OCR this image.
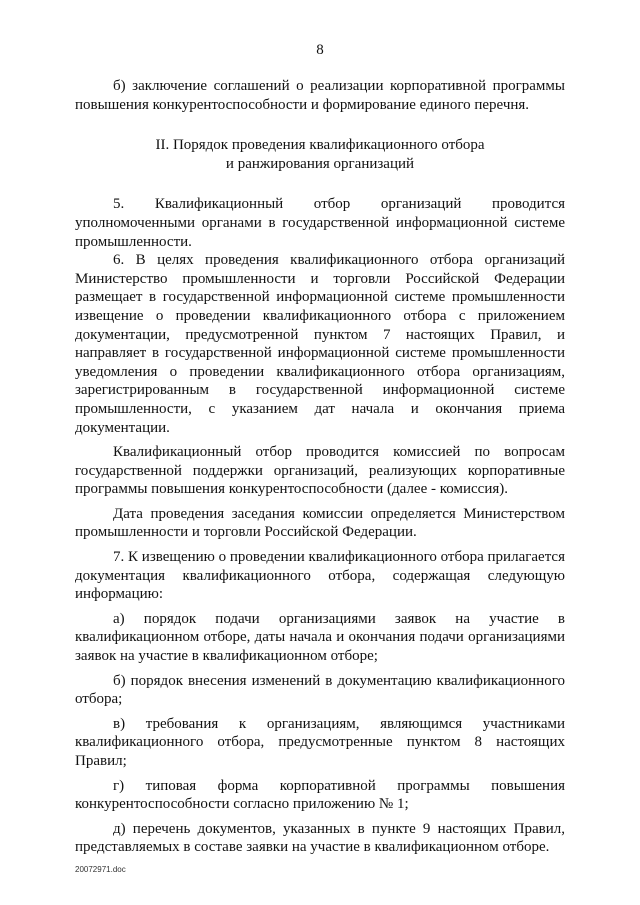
8

б) заключение соглашений о реализации корпоративной программы повышения конкурентоспособности и формирование единого перечня.

II. Порядок проведения квалификационного отбора
и ранжирования организаций

5. Квалификационный отбор организаций проводится уполномоченными органами в государственной информационной системе промышленности.

6. В целях проведения квалификационного отбора организаций Министерство промышленности и торговли Российской Федерации размещает в государственной информационной системе промышленности извещение о проведении квалификационного отбора с приложением документации, предусмотренной пунктом 7 настоящих Правил, и направляет в государственной информационной системе промышленности уведомления о проведении квалификационного отбора организациям, зарегистрированным в государственной информационной системе промышленности, с указанием дат начала и окончания приема документации.

Квалификационный отбор проводится комиссией по вопросам государственной поддержки организаций, реализующих корпоративные программы повышения конкурентоспособности (далее - комиссия).

Дата проведения заседания комиссии определяется Министерством промышленности и торговли Российской Федерации.

7. К извещению о проведении квалификационного отбора прилагается документация квалификационного отбора, содержащая следующую информацию:

а) порядок подачи организациями заявок на участие в квалификационном отборе, даты начала и окончания подачи организациями заявок на участие в квалификационном отборе;

б) порядок внесения изменений в документацию квалификационного отбора;

в) требования к организациям, являющимся участниками квалификационного отбора, предусмотренные пунктом 8 настоящих Правил;

г) типовая форма корпоративной программы повышения конкурентоспособности согласно приложению № 1;

д) перечень документов, указанных в пункте 9 настоящих Правил, представляемых в составе заявки на участие в квалификационном отборе.

20072971.doc
